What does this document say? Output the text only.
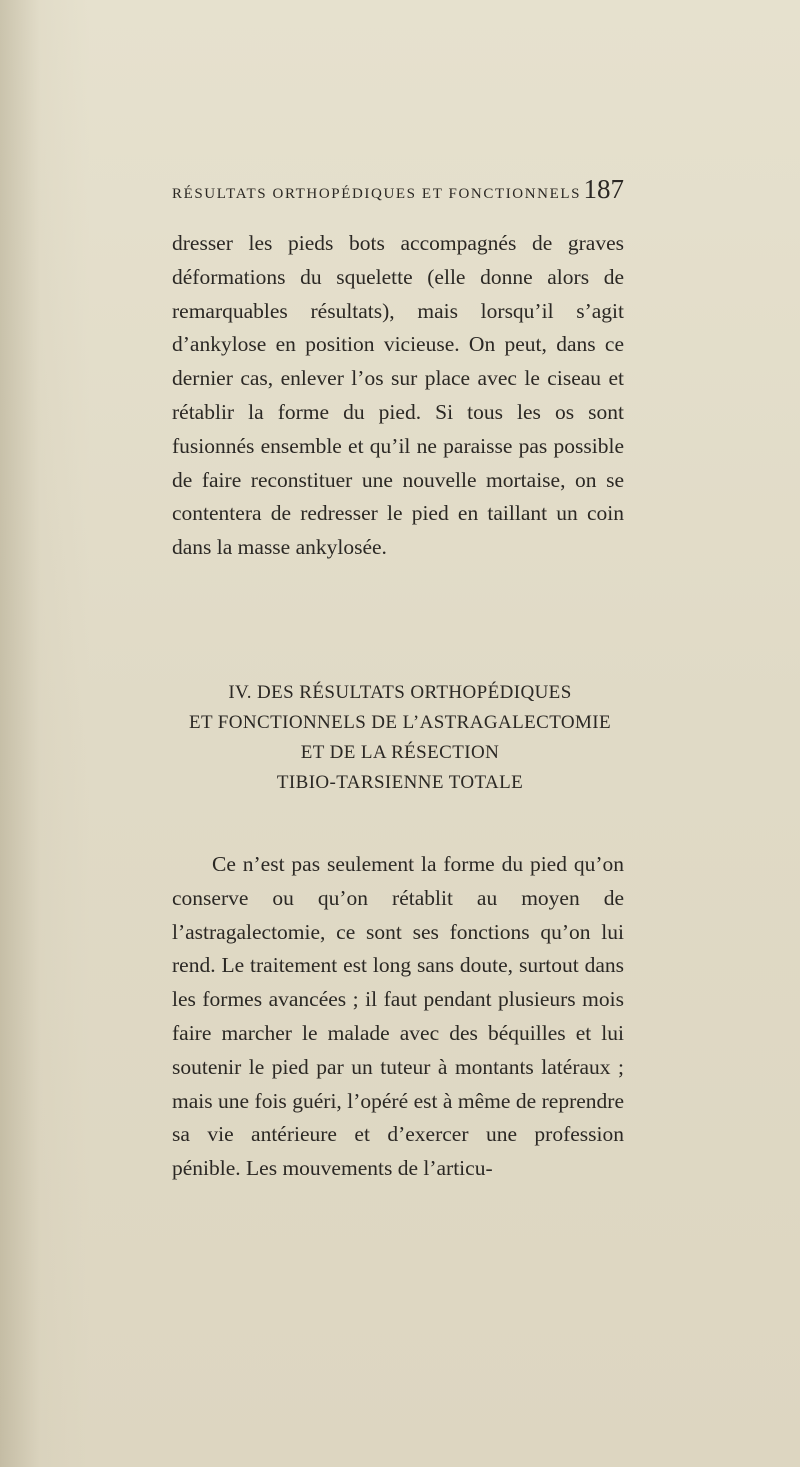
RÉSULTATS ORTHOPÉDIQUES ET FONCTIONNELS 187

dresser les pieds bots accompagnés de graves déformations du squelette (elle donne alors de remarquables résultats), mais lorsqu’il s’agit d’ankylose en position vicieuse. On peut, dans ce dernier cas, enlever l’os sur place avec le ciseau et rétablir la forme du pied. Si tous les os sont fusionnés ensemble et qu’il ne paraisse pas possible de faire reconstituer une nouvelle mortaise, on se contentera de redresser le pied en taillant un coin dans la masse ankylosée.

IV. DES RÉSULTATS ORTHOPÉDIQUES
ET FONCTIONNELS DE L’ASTRAGALECTOMIE
ET DE LA RÉSECTION
TIBIO-TARSIENNE TOTALE

Ce n’est pas seulement la forme du pied qu’on conserve ou qu’on rétablit au moyen de l’astragalectomie, ce sont ses fonctions qu’on lui rend. Le traitement est long sans doute, surtout dans les formes avancées ; il faut pendant plusieurs mois faire marcher le malade avec des béquilles et lui soutenir le pied par un tuteur à montants latéraux ; mais une fois guéri, l’opéré est à même de reprendre sa vie antérieure et d’exercer une profession pénible. Les mouvements de l’articu-
